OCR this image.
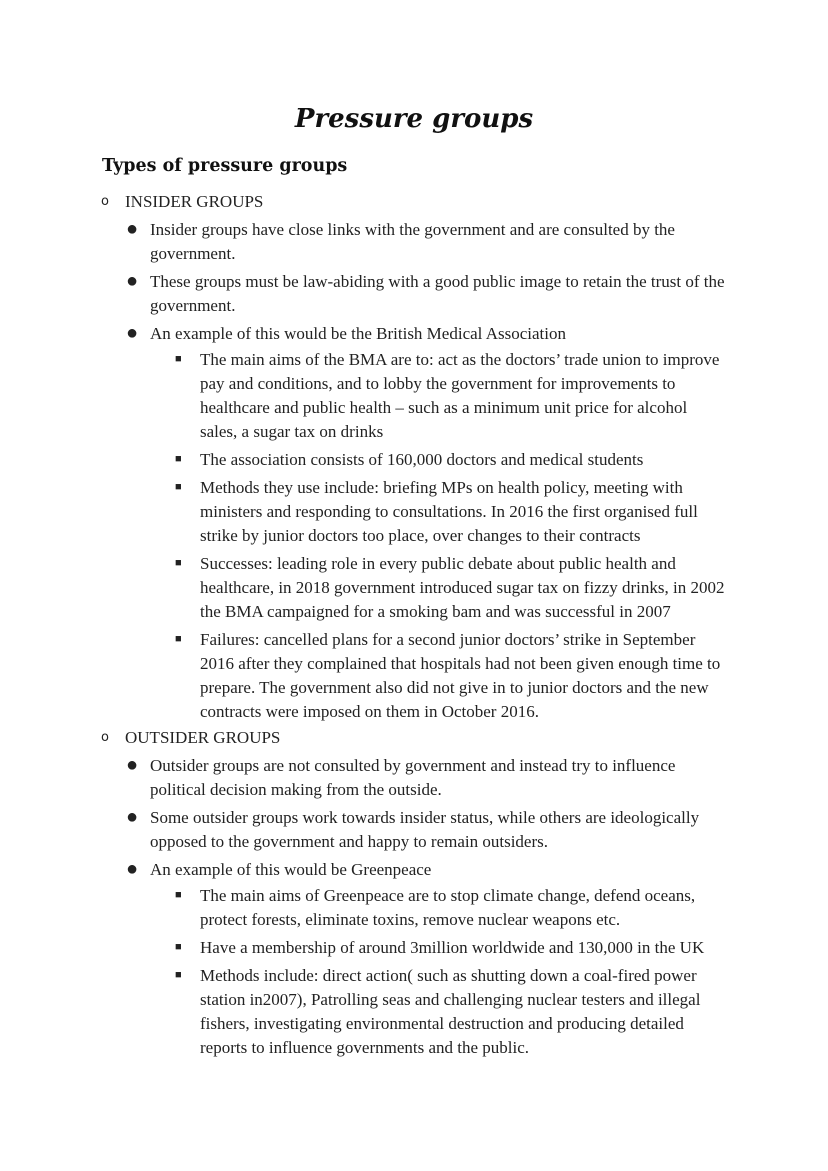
Pressure groups
Types of pressure groups
o INSIDER GROUPS
● Insider groups have close links with the government and are consulted by the government.
● These groups must be law-abiding with a good public image to retain the trust of the government.
● An example of this would be the British Medical Association
■ The main aims of the BMA are to: act as the doctors’ trade union to improve pay and conditions, and to lobby the government for improvements to healthcare and public health – such as a minimum unit price for alcohol sales, a sugar tax on drinks
■ The association consists of 160,000 doctors and medical students
■ Methods they use include: briefing MPs on health policy, meeting with ministers and responding to consultations. In 2016 the first organised full strike by junior doctors too place, over changes to their contracts
■ Successes: leading role in every public debate about public health and healthcare, in 2018 government introduced sugar tax on fizzy drinks, in 2002 the BMA campaigned for a smoking bam and was successful in 2007
■ Failures: cancelled plans for a second junior doctors’ strike in September 2016 after they complained that hospitals had not been given enough time to prepare. The government also did not give in to junior doctors and the new contracts were imposed on them in October 2016.
o OUTSIDER GROUPS
● Outsider groups are not consulted by government and instead try to influence political decision making from the outside.
● Some outsider groups work towards insider status, while others are ideologically opposed to the government and happy to remain outsiders.
● An example of this would be Greenpeace
■ The main aims of Greenpeace are to stop climate change, defend oceans, protect forests, eliminate toxins, remove nuclear weapons etc.
■ Have a membership of around 3million worldwide and 130,000 in the UK
■ Methods include: direct action( such as shutting down a coal-fired power station in2007), Patrolling seas and challenging nuclear testers and illegal fishers, investigating environmental destruction and producing detailed reports to influence governments and the public.
